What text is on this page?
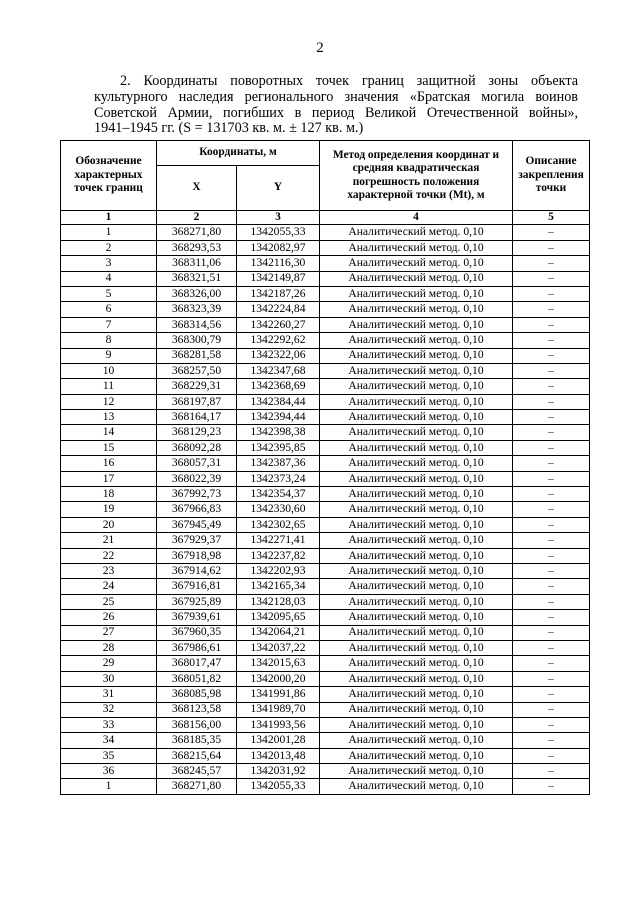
2
2. Координаты поворотных точек границ защитной зоны объекта
культурного наследия регионального значения «Братская могила воинов
Советской Армии, погибших в период Великой Отечественной войны»,
1941–1945 гг. (S = 131703 кв. м. ± 127 кв. м.)
Обозначение характерных точек границ	Координаты, м		Метод определения координат и средняя квадратическая погрешность положения характерной точки (Mt), м	Описание закрепления точки
	X	Y		
1	2	3	4	5
1	368271,80	1342055,33	Аналитический метод. 0,10	–
2	368293,53	1342082,97	Аналитический метод. 0,10	–
3	368311,06	1342116,30	Аналитический метод. 0,10	–
4	368321,51	1342149,87	Аналитический метод. 0,10	–
5	368326,00	1342187,26	Аналитический метод. 0,10	–
6	368323,39	1342224,84	Аналитический метод. 0,10	–
7	368314,56	1342260,27	Аналитический метод. 0,10	–
8	368300,79	1342292,62	Аналитический метод. 0,10	–
9	368281,58	1342322,06	Аналитический метод. 0,10	–
10	368257,50	1342347,68	Аналитический метод. 0,10	–
11	368229,31	1342368,69	Аналитический метод. 0,10	–
12	368197,87	1342384,44	Аналитический метод. 0,10	–
13	368164,17	1342394,44	Аналитический метод. 0,10	–
14	368129,23	1342398,38	Аналитический метод. 0,10	–
15	368092,28	1342395,85	Аналитический метод. 0,10	–
16	368057,31	1342387,36	Аналитический метод. 0,10	–
17	368022,39	1342373,24	Аналитический метод. 0,10	–
18	367992,73	1342354,37	Аналитический метод. 0,10	–
19	367966,83	1342330,60	Аналитический метод. 0,10	–
20	367945,49	1342302,65	Аналитический метод. 0,10	–
21	367929,37	1342271,41	Аналитический метод. 0,10	–
22	367918,98	1342237,82	Аналитический метод. 0,10	–
23	367914,62	1342202,93	Аналитический метод. 0,10	–
24	367916,81	1342165,34	Аналитический метод. 0,10	–
25	367925,89	1342128,03	Аналитический метод. 0,10	–
26	367939,61	1342095,65	Аналитический метод. 0,10	–
27	367960,35	1342064,21	Аналитический метод. 0,10	–
28	367986,61	1342037,22	Аналитический метод. 0,10	–
29	368017,47	1342015,63	Аналитический метод. 0,10	–
30	368051,82	1342000,20	Аналитический метод. 0,10	–
31	368085,98	1341991,86	Аналитический метод. 0,10	–
32	368123,58	1341989,70	Аналитический метод. 0,10	–
33	368156,00	1341993,56	Аналитический метод. 0,10	–
34	368185,35	1342001,28	Аналитический метод. 0,10	–
35	368215,64	1342013,48	Аналитический метод. 0,10	–
36	368245,57	1342031,92	Аналитический метод. 0,10	–
1	368271,80	1342055,33	Аналитический метод. 0,10	–
